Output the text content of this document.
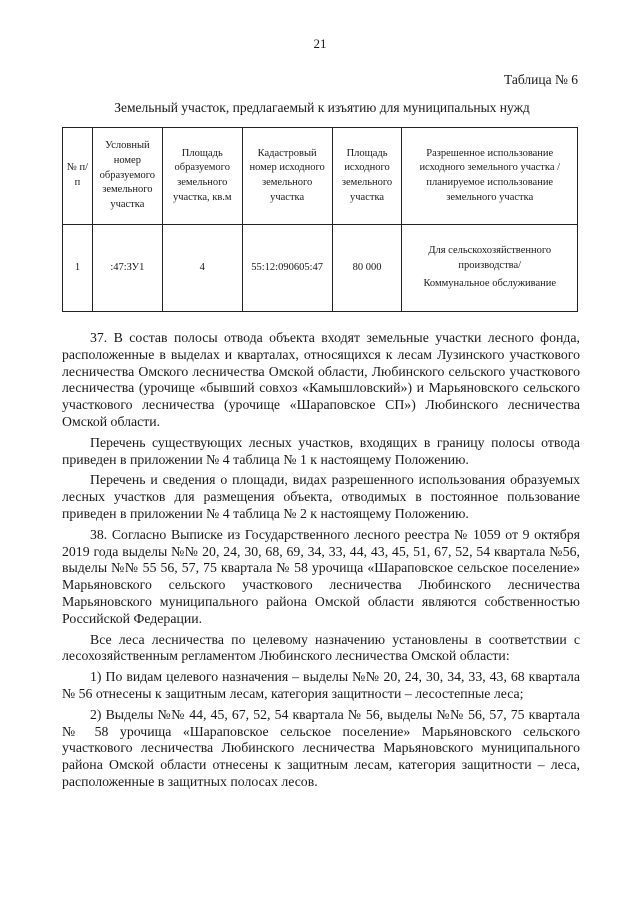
21
Таблица № 6
Земельный участок, предлагаемый к изъятию для муниципальных нужд
№ п/п	Условный номер образуемого земельного участка	Площадь образуемого земельного участка, кв.м	Кадастровый номер исходного земельного участка	Площадь исходного земельного участка	Разрешенное использование исходного земельного участка / планируемое использование земельного участка
1	:47:ЗУ1	4	55:12:090605:47	80 000	Для сельскохозяйственного производства/
Коммунальное обслуживание

37. В состав полосы отвода объекта входят земельные участки лесного фонда, расположенные в выделах и кварталах, относящихся к лесам Лузинского участкового лесничества Омского лесничества Омской области, Любинского сельского участкового лесничества (урочище «бывший совхоз «Камышловский») и Марьяновского сельского участкового лесничества (урочище «Шараповское СП») Любинского лесничества Омской области.

Перечень существующих лесных участков, входящих в границу полосы отвода приведен в приложении № 4 таблица № 1 к настоящему Положению.

Перечень и сведения о площади, видах разрешенного использования образуемых лесных участков для размещения объекта, отводимых в постоянное пользование приведен в приложении № 4 таблица № 2 к настоящему Положению.

38. Согласно Выписке из Государственного лесного реестра № 1059 от 9 октября 2019 года выделы №№ 20, 24, 30, 68, 69, 34, 33, 44, 43, 45, 51, 67, 52, 54 квартала №56, выделы №№ 55 56, 57, 75 квартала № 58 урочища «Шараповское сельское поселение» Марьяновского сельского участкового лесничества Любинского лесничества Марьяновского муниципального района Омской области являются собственностью Российской Федерации.

Все леса лесничества по целевому назначению установлены в соответствии с лесохозяйственным регламентом Любинского лесничества Омской области:

1) По видам целевого назначения – выделы №№ 20, 24, 30, 34, 33, 43, 68 квартала № 56 отнесены к защитным лесам, категория защитности – лесостепные леса;

2) Выделы №№ 44, 45, 67, 52, 54 квартала № 56, выделы №№ 56, 57, 75 квартала № 58 урочища «Шараповское сельское поселение» Марьяновского сельского участкового лесничества Любинского лесничества Марьяновского муниципального района Омской области отнесены к защитным лесам, категория защитности – леса, расположенные в защитных полосах лесов.
